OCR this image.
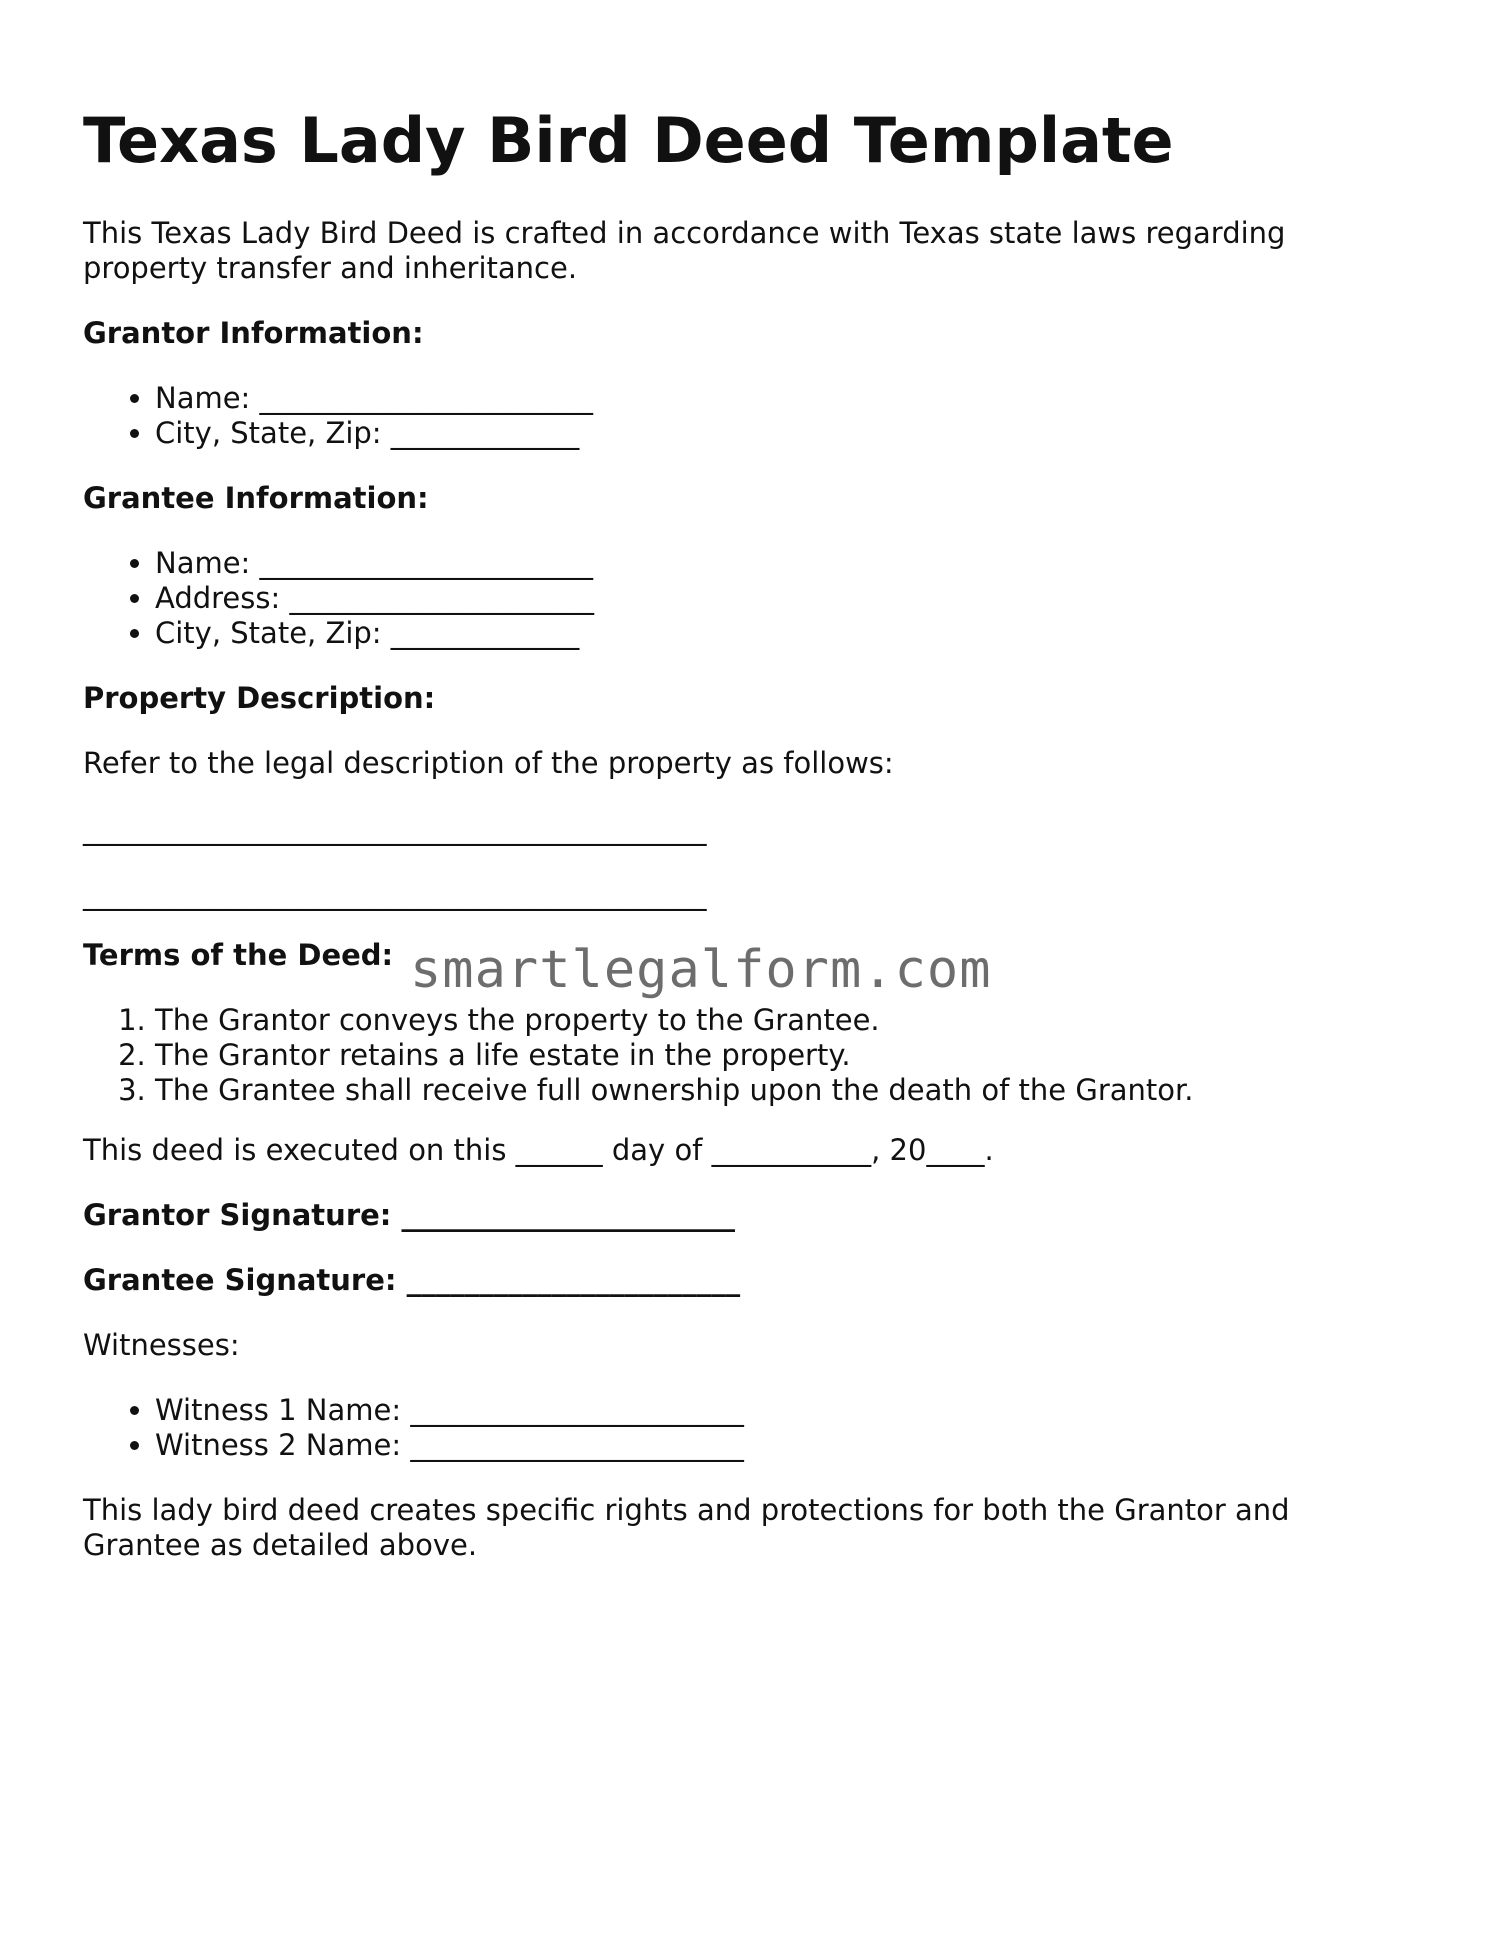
Texas Lady Bird Deed Template

This Texas Lady Bird Deed is crafted in accordance with Texas state laws regarding

property transfer and inheritance.

Grantor Information:

• Name: _______________________
• City, State, Zip: _____________

Grantee Information:

• Name: _______________________
• Address: _____________________
• City, State, Zip: _____________

Property Description:

Refer to the legal description of the property as follows:

___________________________________________
___________________________________________

Terms of the Deed:

1. The Grantor conveys the property to the Grantee.
2. The Grantor retains a life estate in the property.
3. The Grantee shall receive full ownership upon the death of the Grantor.

This deed is executed on this ______ day of ___________, 20____.

Grantor Signature: _______________________

Grantee Signature: _______________________

Witnesses:

• Witness 1 Name: _______________________
• Witness 2 Name: _______________________

This lady bird deed creates specific rights and protections for both the Grantor and

Grantee as detailed above.

smartlegalform.com
